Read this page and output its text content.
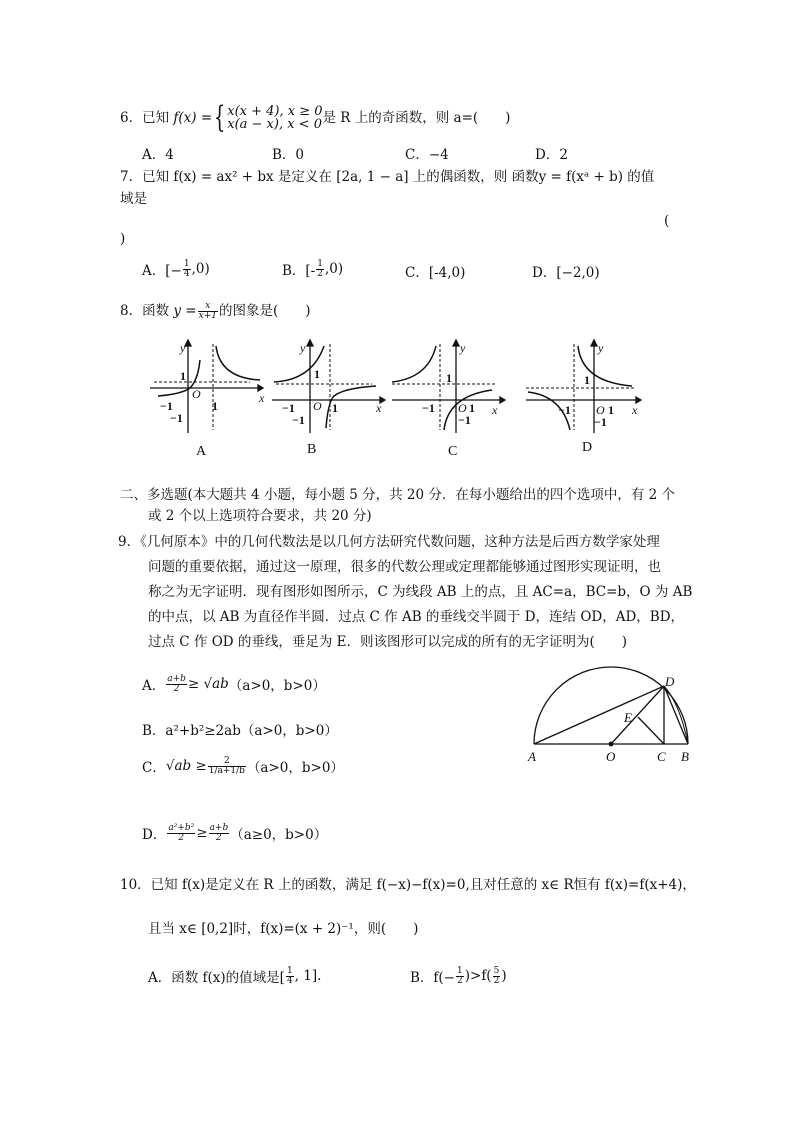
6．已知
f(x) = { x(x + 4), x ≥ 0
x(a − x), x < 0 是 R 上的奇函数，则 a=(　　)
A．4	B．0	C．−4	D．2
7．已知 f(x) = ax² + bx 是定义在 [2a, 1 − a] 上的偶函数，则 函数y = f(xᵃ + b) 的值
域是
(
)
A．[− $\frac{1}{4} ,0$)	B．[- $\frac{1}{2} ,0$)	C．[-4,0)	D．[−2,0)
8．函数
$y = \frac{x}{x+1}$ 的图象是(　　)
y
x
O
1
1
−1
−1
A
y
x
O
1
1
−1
−1
B
y
x
O
1
1
−1
−1
C
y
x
O
1
1
−1
−1
D
二、多选题(本大题共 4 小题，每小题 5 分，共 20 分．在每小题给出的四个选项中，有 2 个
或 2 个以上选项符合要求，共 20 分)
9．《几何原本》中的几何代数法是以几何方法研究代数问题，这种方法是后西方数学家处理
问题的重要依据，通过这一原理，很多的代数公理或定理都能够通过图形实现证明，也
称之为无字证明．现有图形如图所示，C 为线段 AB 上的点，且 AC=a，BC=b，O 为 AB
的中点，以 AB 为直径作半圆．过点 C 作 AB 的垂线交半圆于 D，连结 OD，AD，BD，
过点 C 作 OD 的垂线，垂足为 E．则该图形可以完成的所有的无字证明为(　　)
A． $\frac{a+b}{2} \ge √ab$ （a>0，b>0）
B．a²+b²≥2ab（a>0，b>0）
C． $√ab \ge \frac{2}{1/a+1/b} (a>0$，b>0）
D． $\frac{\text{a²+b²}}{2} \ge \frac{a+b}{2} (a\ge 0$，b>0）
A	O	C B
D
E
10．已知 f(x)是定义在 R 上的函数，满足 f(−x)−f(x)=0,且对任意的 x∈ R恒有 f(x)=f(x+4)，
且当 x∈ [0,2]时，f(x)=(x + 2)⁻¹，则(　　)
A．函数 f(x)的值域是[ $\frac{1}{4}$ , 1].	B．$f(- \frac{1}{2} )>f( \frac{5}{2}$ )
